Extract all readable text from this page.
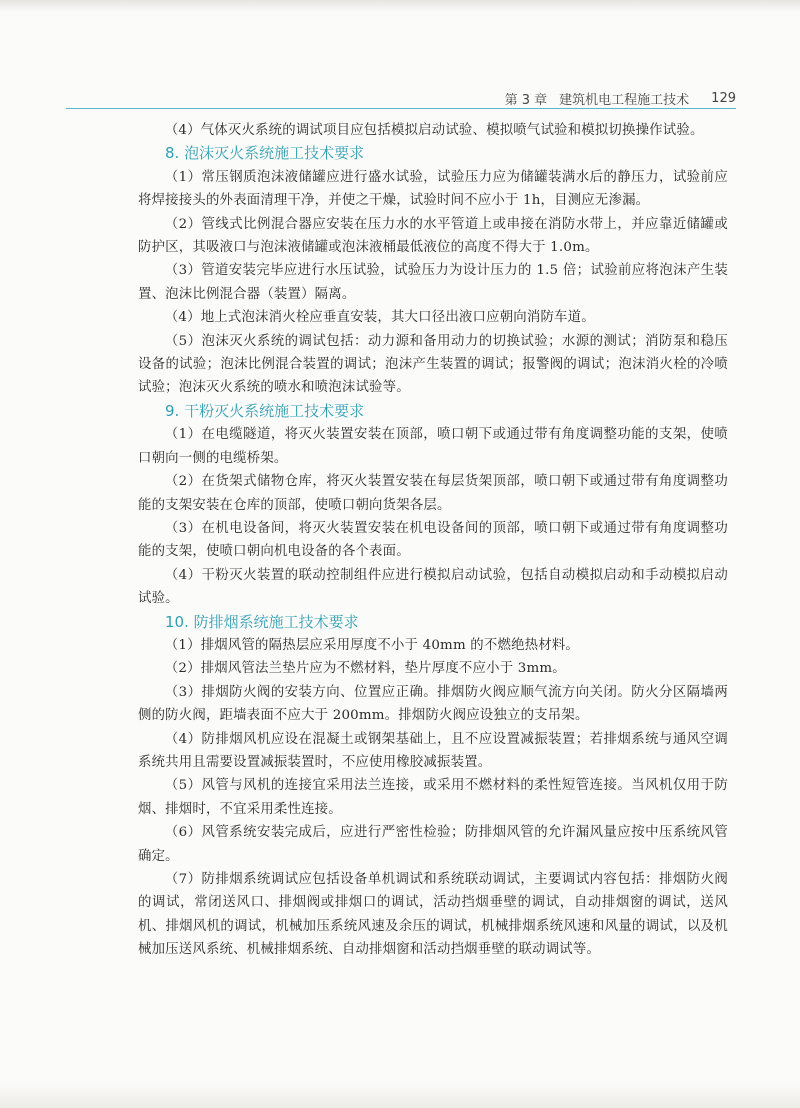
第 3 章 建筑机电工程施工技术 129

（4）气体灭火系统的调试项目应包括模拟启动试验、模拟喷气试验和模拟切换操作试验。

8. 泡沫灭火系统施工技术要求

（1）常压钢质泡沫液储罐应进行盛水试验，试验压力应为储罐装满水后的静压力，试验前应将焊接接头的外表面清理干净，并使之干燥，试验时间不应小于 1h，目测应无渗漏。

（2）管线式比例混合器应安装在压力水的水平管道上或串接在消防水带上，并应靠近储罐或防护区，其吸液口与泡沫液储罐或泡沫液桶最低液位的高度不得大于 1.0m。

（3）管道安装完毕应进行水压试验，试验压力为设计压力的 1.5 倍；试验前应将泡沫产生装置、泡沫比例混合器（装置）隔离。

（4）地上式泡沫消火栓应垂直安装，其大口径出液口应朝向消防车道。

（5）泡沫灭火系统的调试包括：动力源和备用动力的切换试验；水源的测试；消防泵和稳压设备的试验；泡沫比例混合装置的调试；泡沫产生装置的调试；报警阀的调试；泡沫消火栓的冷喷试验；泡沫灭火系统的喷水和喷泡沫试验等。

9. 干粉灭火系统施工技术要求

（1）在电缆隧道，将灭火装置安装在顶部，喷口朝下或通过带有角度调整功能的支架，使喷口朝向一侧的电缆桥架。

（2）在货架式储物仓库，将灭火装置安装在每层货架顶部，喷口朝下或通过带有角度调整功能的支架安装在仓库的顶部，使喷口朝向货架各层。

（3）在机电设备间，将灭火装置安装在机电设备间的顶部，喷口朝下或通过带有角度调整功能的支架，使喷口朝向机电设备的各个表面。

（4）干粉灭火装置的联动控制组件应进行模拟启动试验，包括自动模拟启动和手动模拟启动试验。

10. 防排烟系统施工技术要求

（1）排烟风管的隔热层应采用厚度不小于 40mm 的不燃绝热材料。

（2）排烟风管法兰垫片应为不燃材料，垫片厚度不应小于 3mm。

（3）排烟防火阀的安装方向、位置应正确。排烟防火阀应顺气流方向关闭。防火分区隔墙两侧的防火阀，距墙表面不应大于 200mm。排烟防火阀应设独立的支吊架。

（4）防排烟风机应设在混凝土或钢架基础上，且不应设置减振装置；若排烟系统与通风空调系统共用且需要设置减振装置时，不应使用橡胶减振装置。

（5）风管与风机的连接宜采用法兰连接，或采用不燃材料的柔性短管连接。当风机仅用于防烟、排烟时，不宜采用柔性连接。

（6）风管系统安装完成后，应进行严密性检验；防排烟风管的允许漏风量应按中压系统风管确定。

（7）防排烟系统调试应包括设备单机调试和系统联动调试，主要调试内容包括：排烟防火阀的调试，常闭送风口、排烟阀或排烟口的调试，活动挡烟垂壁的调试，自动排烟窗的调试，送风机、排烟风机的调试，机械加压系统风速及余压的调试，机械排烟系统风速和风量的调试，以及机械加压送风系统、机械排烟系统、自动排烟窗和活动挡烟垂壁的联动调试等。
